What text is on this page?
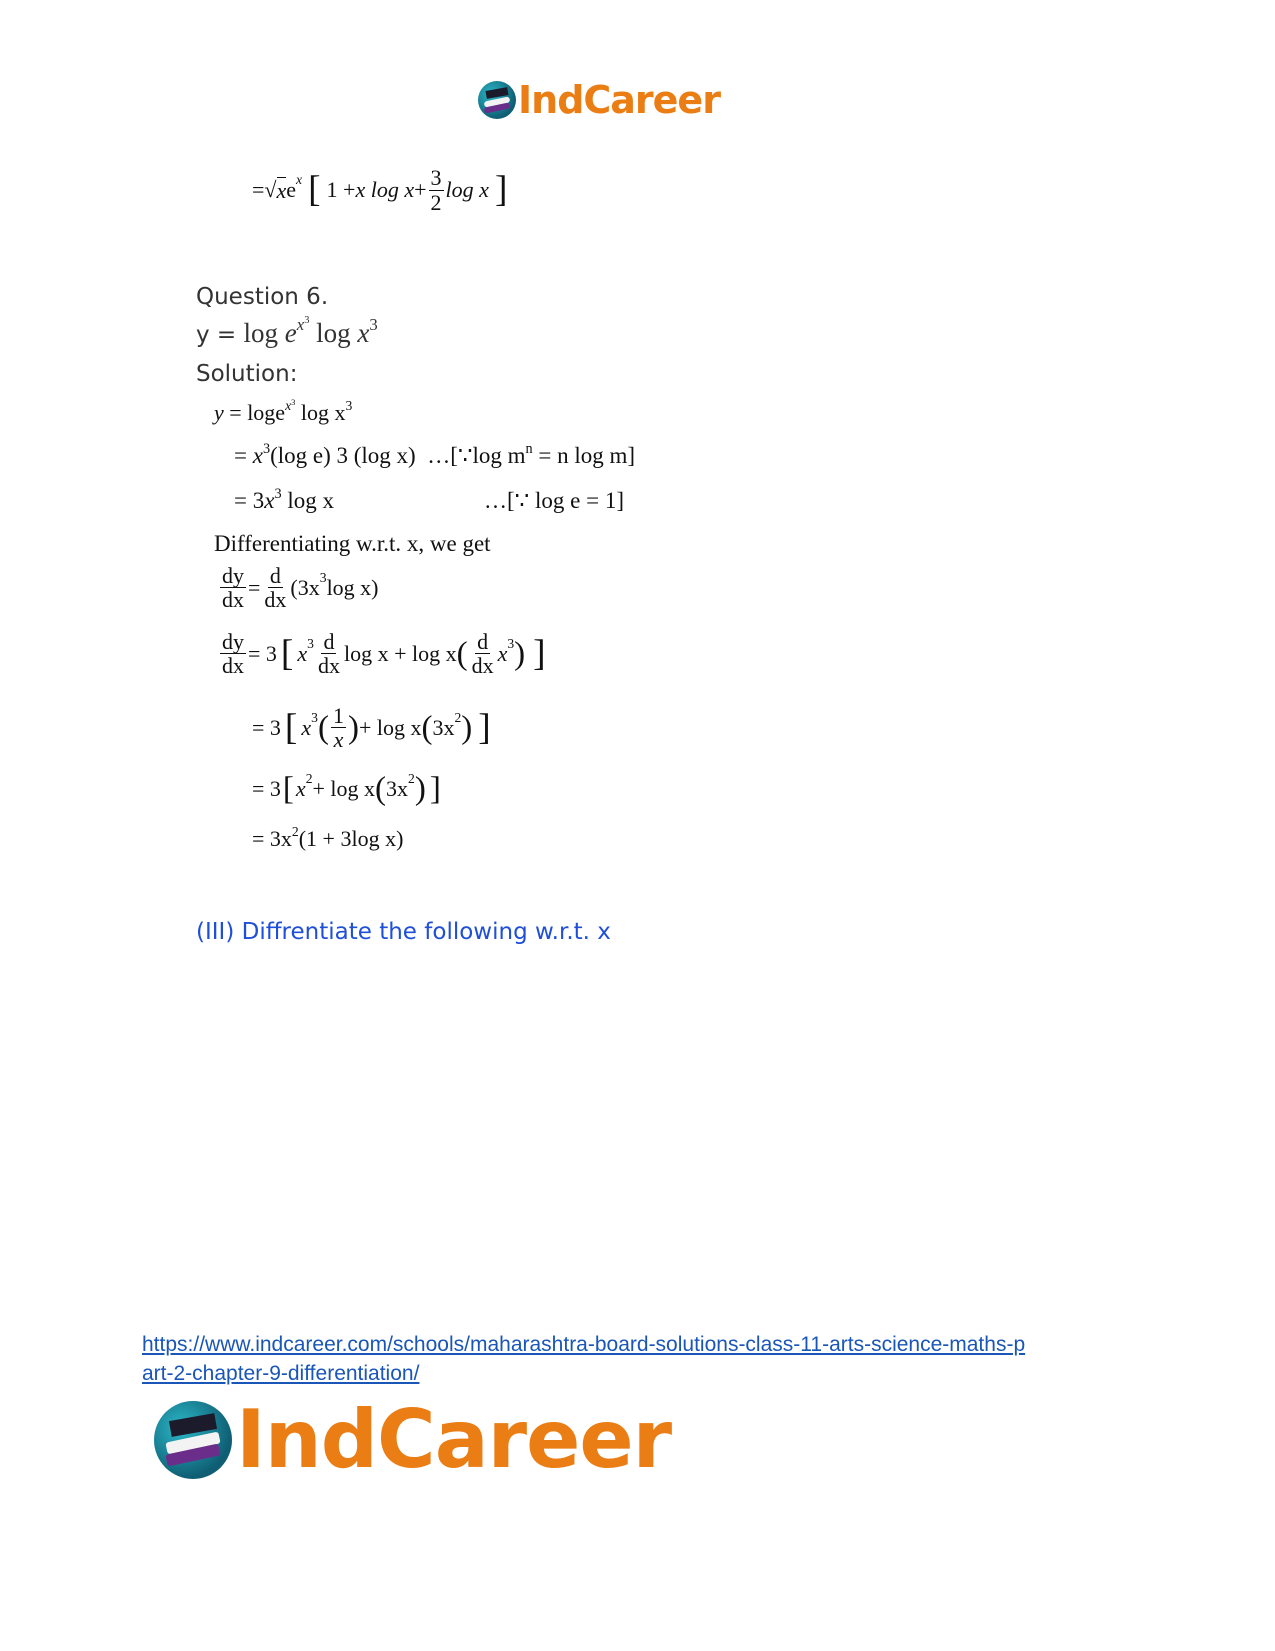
IndCareer
= √ x e $^x$ [ 1 + x $\log x + \frac{3}{2}$ log x ]
Question 6.
$y = \log e^{x^3}$ $\log x^3$
Solution:
y = loge$^{x^3}$ $\log x^3$
= $x^3(\log$ e) 3 (log x) …[∵log $m^n = n$ log m]
= $3x^3$ log x	…[∵ log e = 1]
Differentiating w.r.t. x, we get
$\frac{dy}{dx} = \frac{d}{dx} (3x^3$ log x)
$\frac{dy}{dx} = 3$ [ $x^3 \frac{d}{dx}$ log x + log x ( $\frac{d}{dx} x^3$ ) ]
= 3 [ $x^3$ ( $\frac{1}{x}$ ) + log x ( $3x^2$ ) ]
= 3 [ $x^2 + \log x$ ( $3x^2$ ) ]
= $3x^2(1 + 3\log$ x)
(III) Diffrentiate the following w.r.t. x
https://www.indcareer.com/schools/maharashtra-board-solutions-class-11-arts-science-maths-p
art-2-chapter-9-differentiation/
IndCareer
